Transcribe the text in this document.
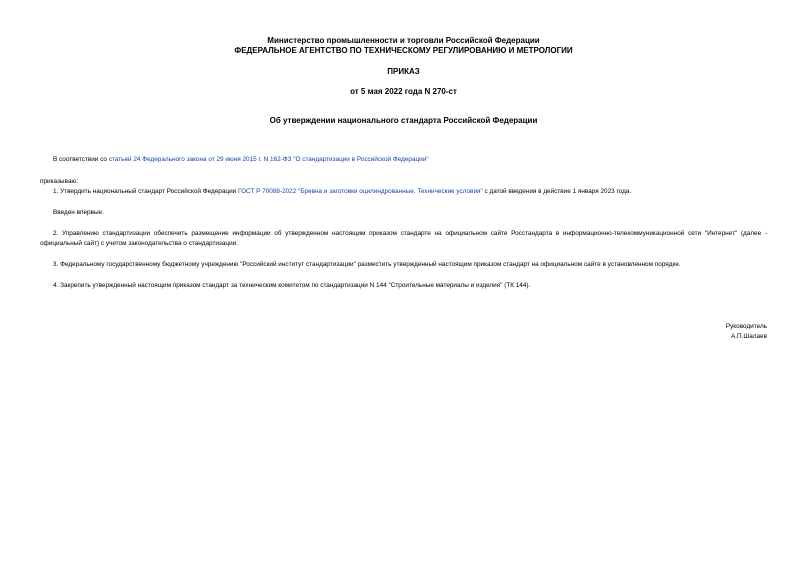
Министерство промышленности и торговли Российской Федерации
ФЕДЕРАЛЬНОЕ АГЕНТСТВО ПО ТЕХНИЧЕСКОМУ РЕГУЛИРОВАНИЮ И МЕТРОЛОГИИ
ПРИКАЗ
от 5 мая 2022 года N 270-ст
Об утверждении национального стандарта Российской Федерации
В соответствии со статьей 24 Федерального закона от 29 июня 2015 г. N 162-ФЗ "О стандартизации в Российской Федерации"
приказываю:
1. Утвердить национальный стандарт Российской Федерации ГОСТ Р 70088-2022 "Бревна и заготовки оцилиндрованные. Технические условия" с датой введения в действие 1 января 2023 года.
Введен впервые.
2. Управлению стандартизации обеспечить размещение информации об утвержденном настоящим приказом стандарте на официальном сайте Росстандарта в информационно-телекоммуникационной сети "Интернет" (далее - официальный сайт) с учетом законодательства о стандартизации.
3. Федеральному государственному бюджетному учреждению "Российский институт стандартизации" разместить утвержденный настоящим приказом стандарт на официальном сайте в установленном порядке.
4. Закрепить утвержденный настоящим приказом стандарт за техническим комитетом по стандартизации N 144 "Строительные материалы и изделия" (ТК 144).
Руководитель
А.П.Шалаев
